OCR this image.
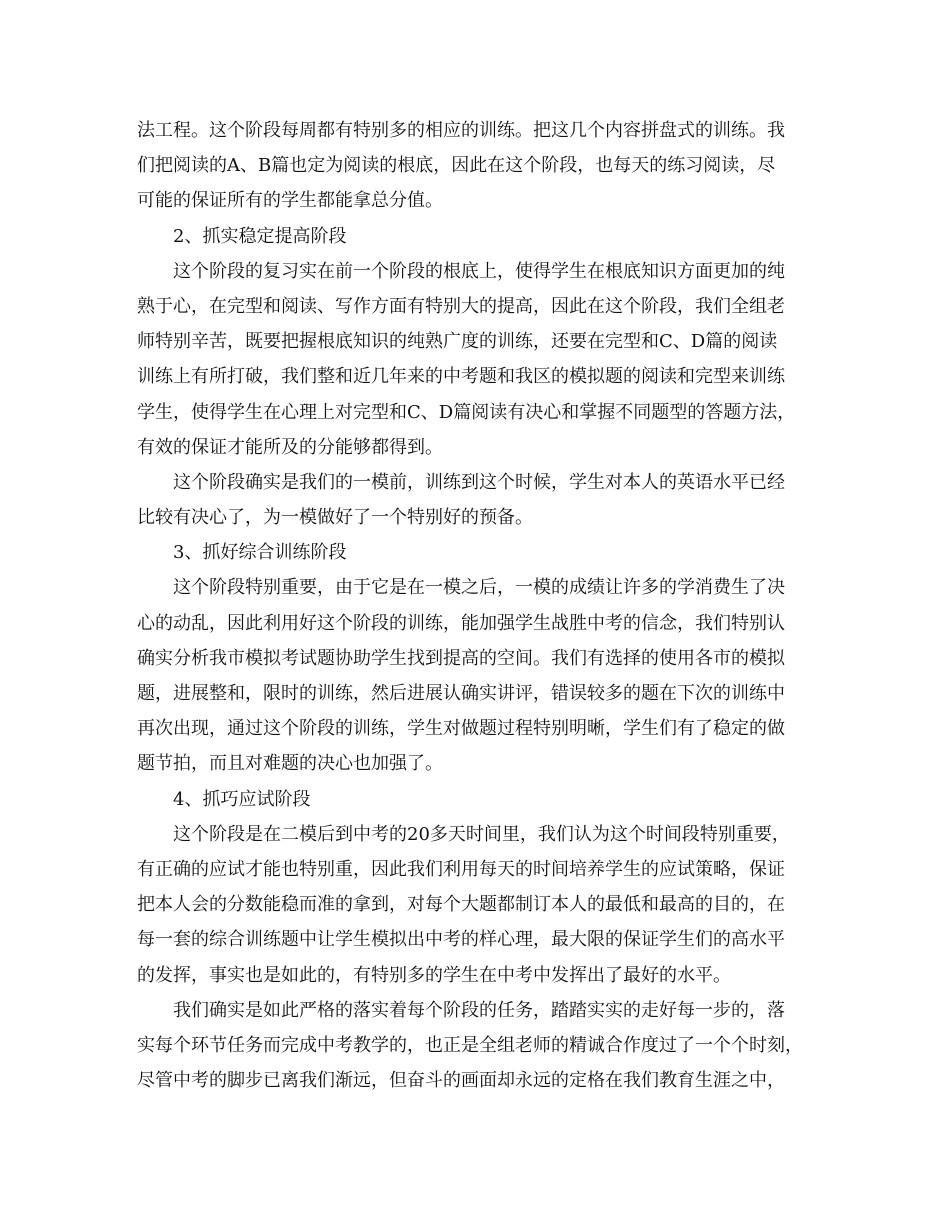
法工程。这个阶段每周都有特别多的相应的训练。把这几个内容拼盘式的训练。我
们把阅读的A、B篇也定为阅读的根底，因此在这个阶段，也每天的练习阅读，尽
可能的保证所有的学生都能拿总分值。
2、抓实稳定提高阶段
这个阶段的复习实在前一个阶段的根底上，使得学生在根底知识方面更加的纯
熟于心，在完型和阅读、写作方面有特别大的提高，因此在这个阶段，我们全组老
师特别辛苦，既要把握根底知识的纯熟广度的训练，还要在完型和C、D篇的阅读
训练上有所打破，我们整和近几年来的中考题和我区的模拟题的阅读和完型来训练
学生，使得学生在心理上对完型和C、D篇阅读有决心和掌握不同题型的答题方法，
有效的保证才能所及的分能够都得到。
这个阶段确实是我们的一模前，训练到这个时候，学生对本人的英语水平已经
比较有决心了，为一模做好了一个特别好的预备。
3、抓好综合训练阶段
这个阶段特别重要，由于它是在一模之后，一模的成绩让许多的学消费生了决
心的动乱，因此利用好这个阶段的训练，能加强学生战胜中考的信念，我们特别认
确实分析我市模拟考试题协助学生找到提高的空间。我们有选择的使用各市的模拟
题，进展整和，限时的训练，然后进展认确实讲评，错误较多的题在下次的训练中
再次出现，通过这个阶段的训练，学生对做题过程特别明晰，学生们有了稳定的做
题节拍，而且对难题的决心也加强了。
4、抓巧应试阶段
这个阶段是在二模后到中考的20多天时间里，我们认为这个时间段特别重要，
有正确的应试才能也特别重，因此我们利用每天的时间培养学生的应试策略，保证
把本人会的分数能稳而准的拿到，对每个大题都制订本人的最低和最高的目的，在
每一套的综合训练题中让学生模拟出中考的样心理，最大限的保证学生们的高水平
的发挥，事实也是如此的，有特别多的学生在中考中发挥出了最好的水平。
我们确实是如此严格的落实着每个阶段的任务，踏踏实实的走好每一步的，落
实每个环节任务而完成中考教学的，也正是全组老师的精诚合作度过了一个个时刻，
尽管中考的脚步已离我们渐远，但奋斗的画面却永远的定格在我们教育生涯之中，
